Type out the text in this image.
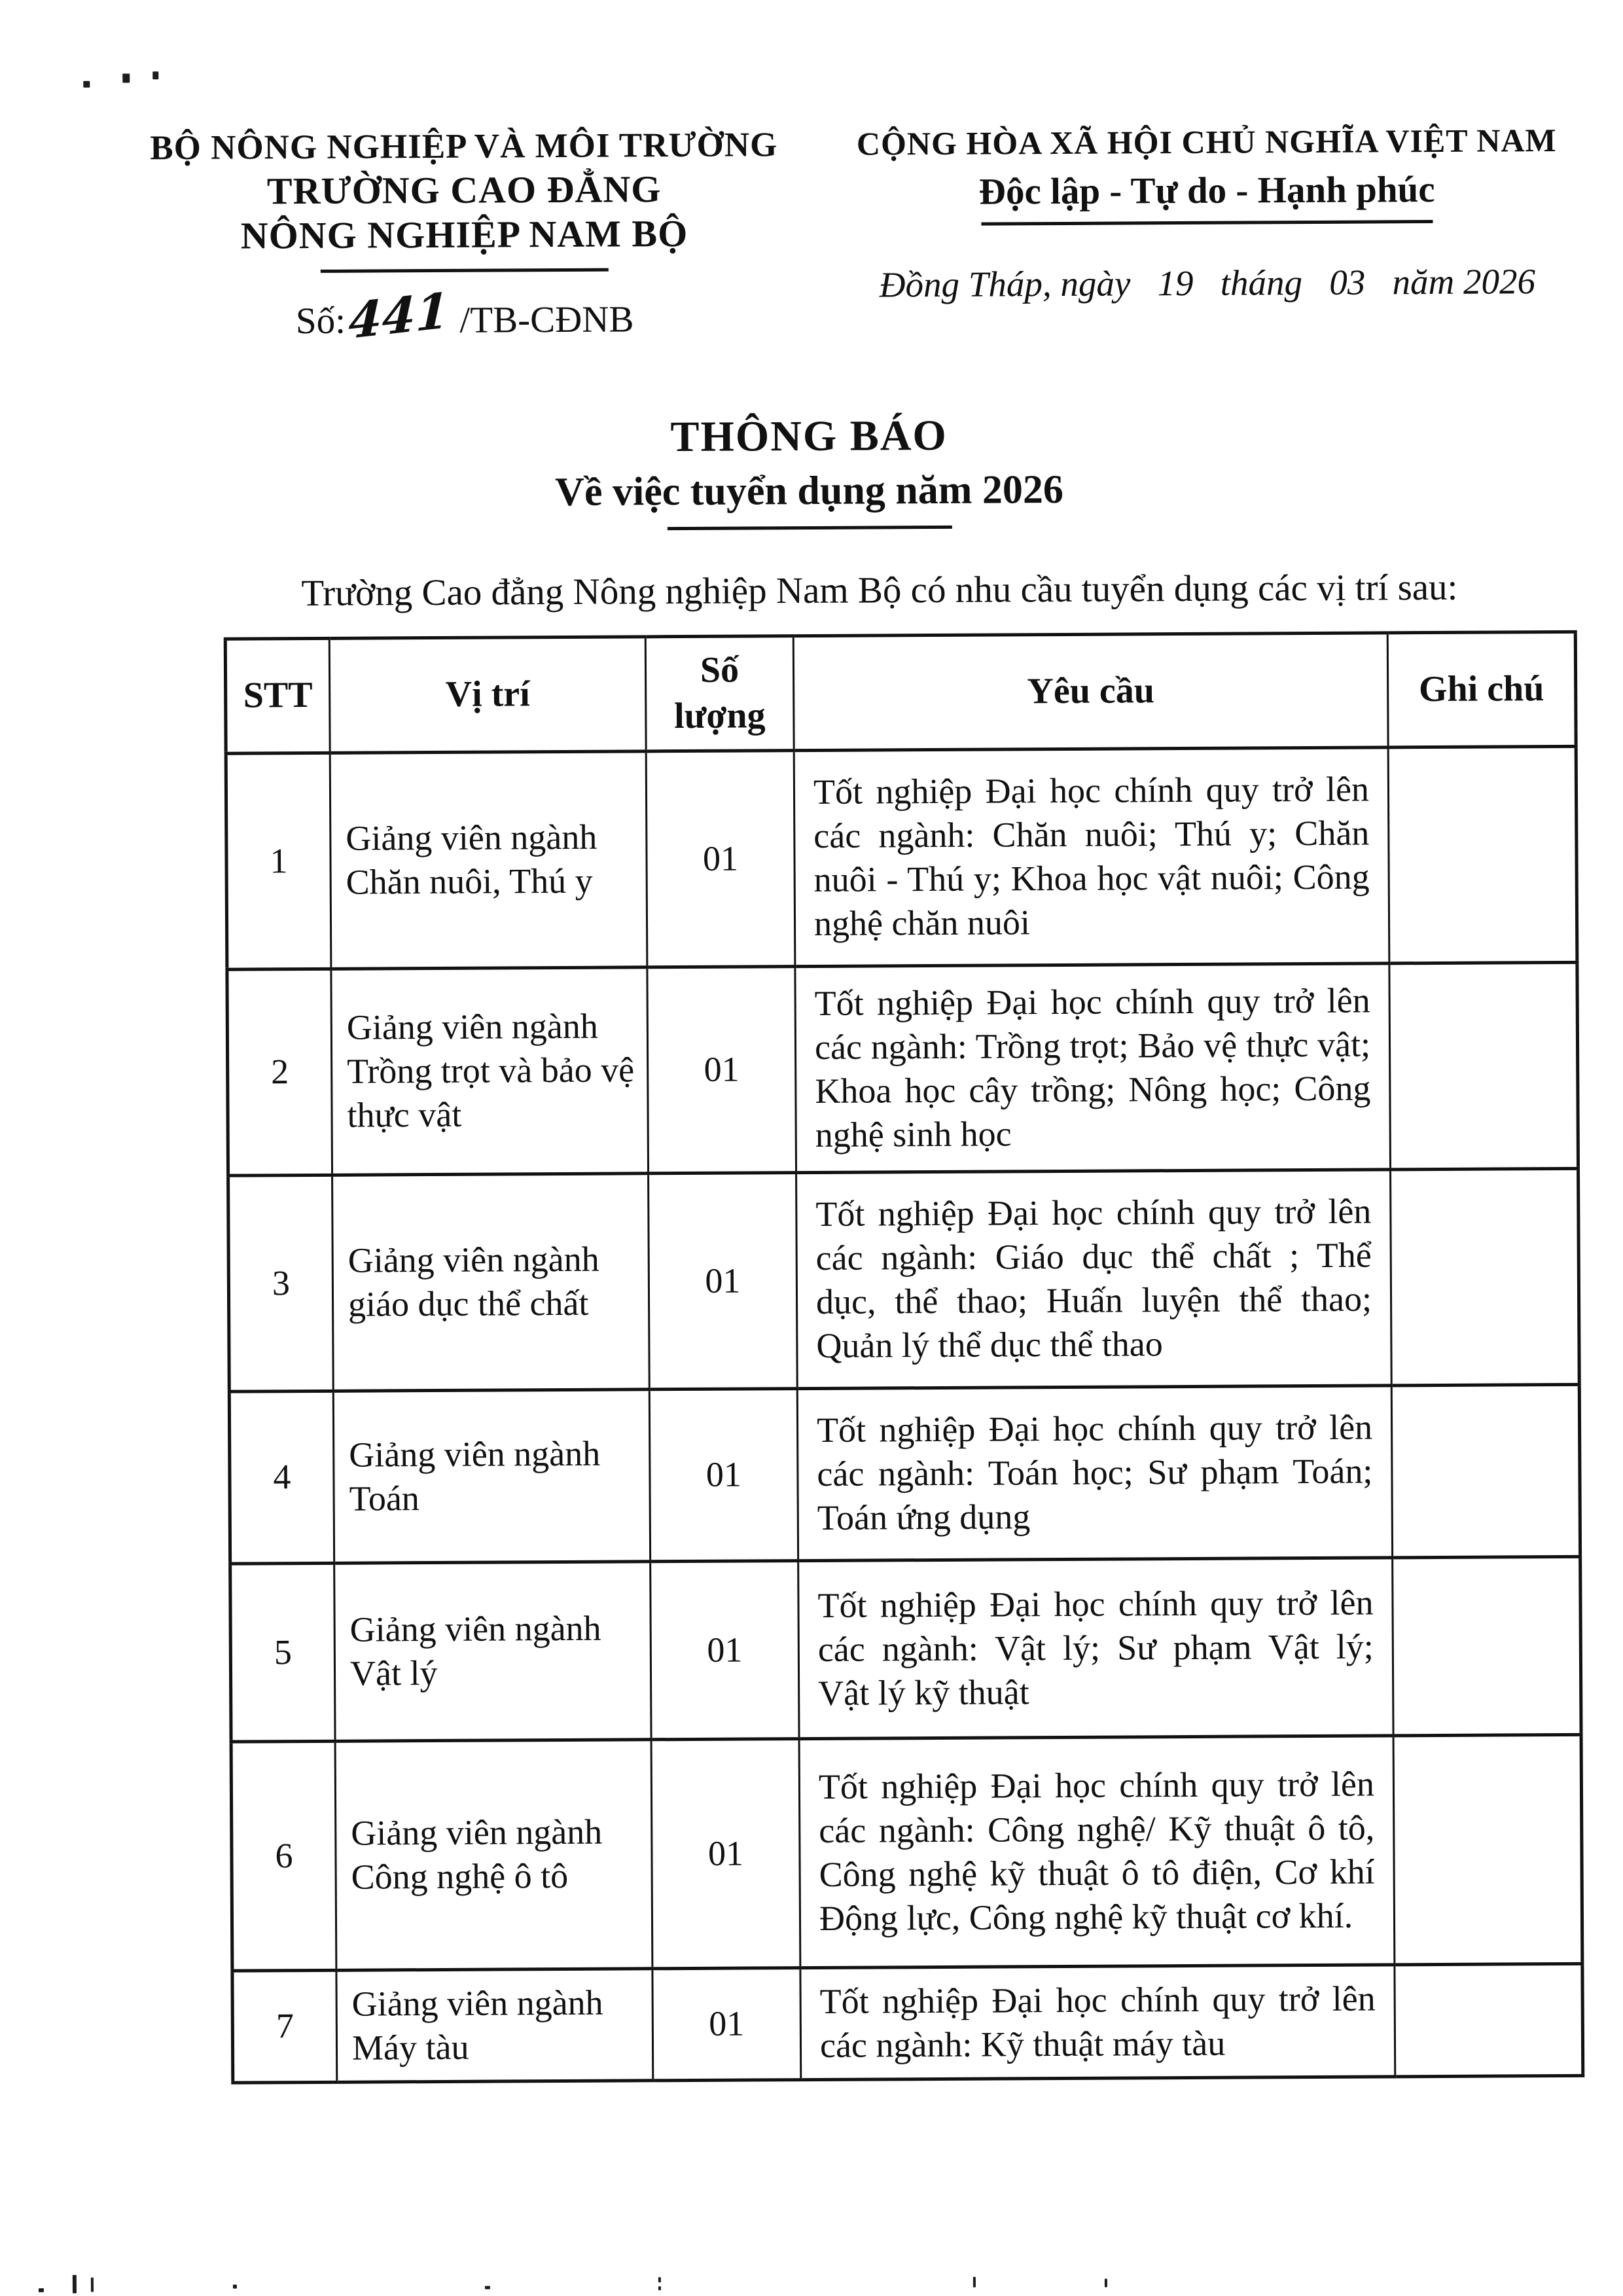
BỘ NÔNG NGHIỆP VÀ MÔI TRƯỜNG
TRƯỜNG CAO ĐẲNG
NÔNG NGHIỆP NAM BỘ
Số:441 /TB-CĐNB
CỘNG HÒA XÃ HỘI CHỦ NGHĨA VIỆT NAM
Độc lập - Tự do - Hạnh phúc
Đồng Tháp, ngày   19   tháng   03   năm 2026
THÔNG BÁO
Về việc tuyển dụng năm 2026

Trường Cao đẳng Nông nghiệp Nam Bộ có nhu cầu tuyển dụng các vị trí sau:

STT	Vị trí	Số lượng	Yêu cầu	Ghi chú
1	Giảng viên ngành Chăn nuôi, Thú y	01	Tốt nghiệp Đại học chính quy trở lên các ngành: Chăn nuôi; Thú y; Chăn nuôi - Thú y; Khoa học vật nuôi; Công nghệ chăn nuôi	
2	Giảng viên ngành Trồng trọt và bảo vệ thực vật	01	Tốt nghiệp Đại học chính quy trở lên các ngành: Trồng trọt; Bảo vệ thực vật; Khoa học cây trồng; Nông học; Công nghệ sinh học	
3	Giảng viên ngành giáo dục thể chất	01	Tốt nghiệp Đại học chính quy trở lên các ngành: Giáo dục thể chất ; Thể dục, thể thao; Huấn luyện thể thao; Quản lý thể dục thể thao	
4	Giảng viên ngành Toán	01	Tốt nghiệp Đại học chính quy trở lên các ngành: Toán học; Sư phạm Toán; Toán ứng dụng	
5	Giảng viên ngành Vật lý	01	Tốt nghiệp Đại học chính quy trở lên các ngành: Vật lý; Sư phạm Vật lý; Vật lý kỹ thuật	
6	Giảng viên ngành Công nghệ ô tô	01	Tốt nghiệp Đại học chính quy trở lên các ngành: Công nghệ/ Kỹ thuật ô tô, Công nghệ kỹ thuật ô tô điện, Cơ khí Động lực, Công nghệ kỹ thuật cơ khí.	
7	Giảng viên ngành Máy tàu	01	Tốt nghiệp Đại học chính quy trở lên các ngành: Kỹ thuật máy tàu	
